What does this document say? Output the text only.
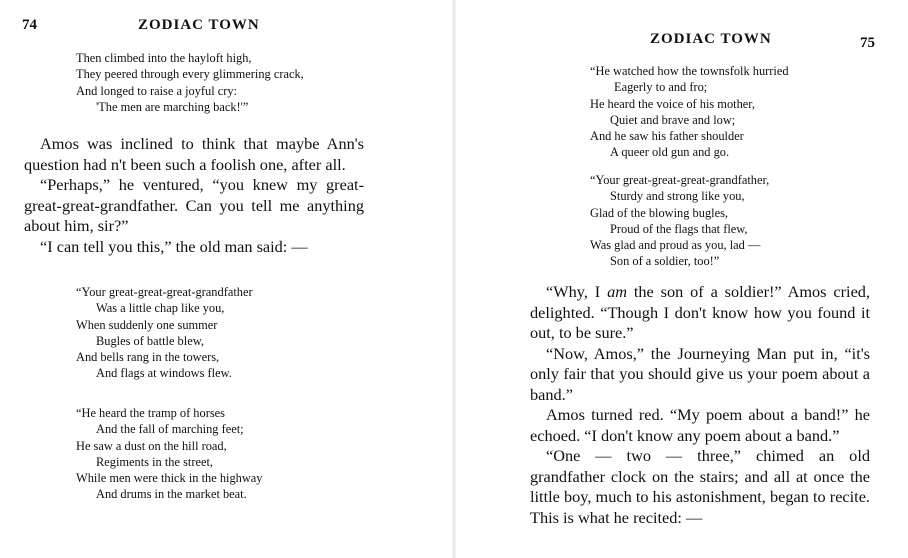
74	ZODIAC TOWN
Then climbed into the hayloft high,
They peered through every glimmering crack,
And longed to raise a joyful cry:
'The men are marching back!'”

Amos was inclined to think that maybe Ann's question had n't been such a foolish one, after all.

“Perhaps,” he ventured, “you knew my great-great-great-grandfather. Can you tell me anything about him, sir?”

“I can tell you this,” the old man said: —

“Your great-great-great-grandfather
Was a little chap like you,
When suddenly one summer
Bugles of battle blew,
And bells rang in the towers,
And flags at windows flew.
“He heard the tramp of horses
And the fall of marching feet;
He saw a dust on the hill road,
Regiments in the street,
While men were thick in the highway
And drums in the market beat.
ZODIAC TOWN	75
“He watched how the townsfolk hurried
Eagerly to and fro;
He heard the voice of his mother,
Quiet and brave and low;
And he saw his father shoulder
A queer old gun and go.
“Your great-great-great-grandfather,
Sturdy and strong like you,
Glad of the blowing bugles,
Proud of the flags that flew,
Was glad and proud as you, lad —
Son of a soldier, too!”

“Why, I am the son of a soldier!” Amos cried, delighted. “Though I don't know how you found it out, to be sure.”

“Now, Amos,” the Journeying Man put in, “it's only fair that you should give us your poem about a band.”

Amos turned red. “My poem about a band!” he echoed. “I don't know any poem about a band.”

“One — two — three,” chimed an old grandfather clock on the stairs; and all at once the little boy, much to his astonishment, began to recite. This is what he recited: —
